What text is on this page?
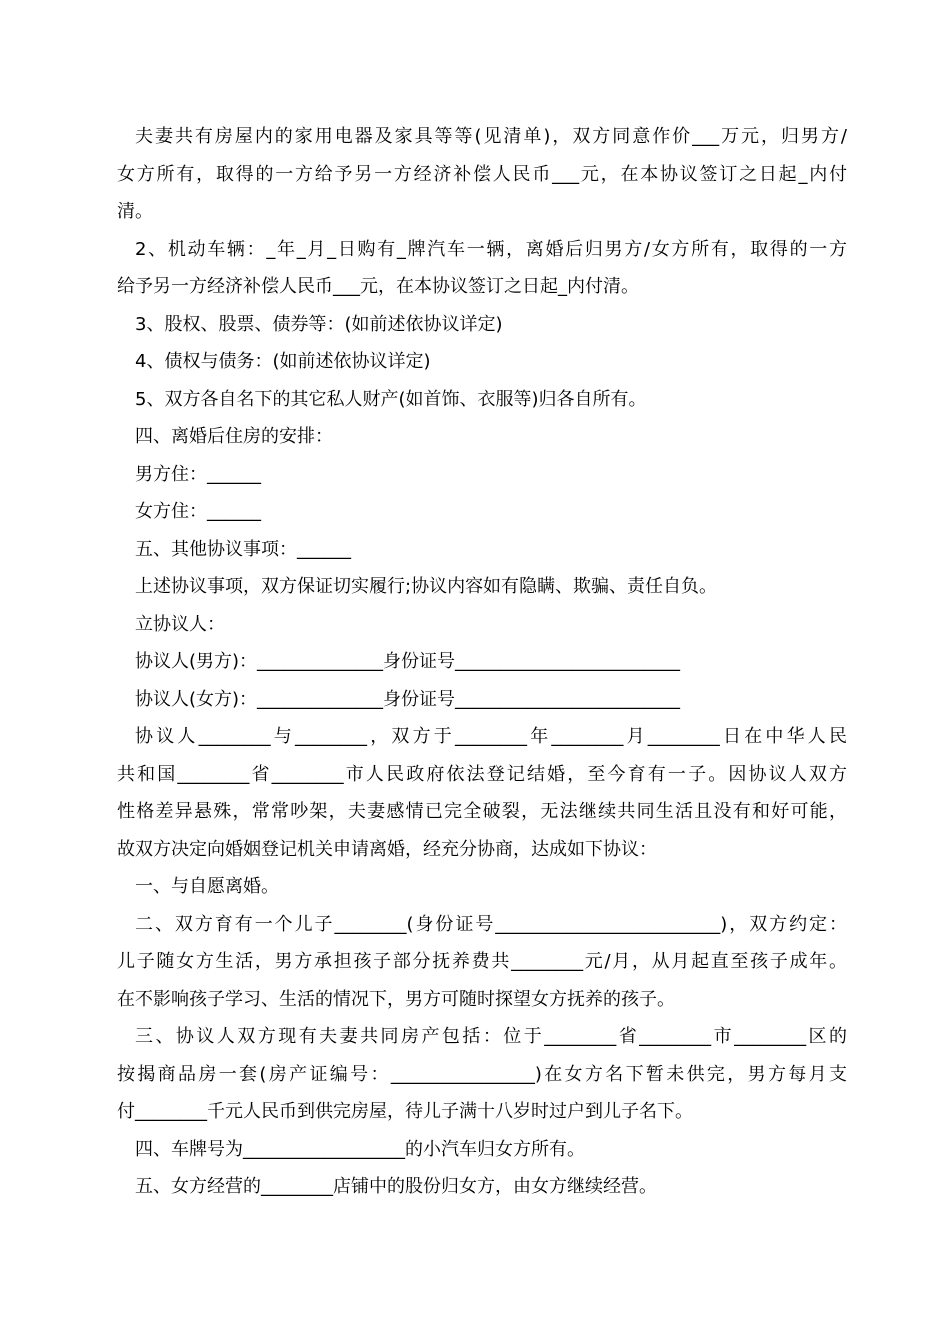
夫妻共有房屋内的家用电器及家具等等(见清单)，双方同意作价___万元，归男方/
女方所有，取得的一方给予另一方经济补偿人民币___元，在本协议签订之日起_内付
清。
2、机动车辆：_年_月_日购有_牌汽车一辆，离婚后归男方/女方所有，取得的一方
给予另一方经济补偿人民币___元，在本协议签订之日起_内付清。
3、股权、股票、债券等：(如前述依协议详定)
4、债权与债务：(如前述依协议详定)
5、双方各自名下的其它私人财产(如首饰、衣服等)归各自所有。
四、离婚后住房的安排：
男方住：______
女方住：______
五、其他协议事项：______
上述协议事项，双方保证切实履行;协议内容如有隐瞒、欺骗、责任自负。
立协议人：
协议人(男方)：______________身份证号_________________________
协议人(女方)：______________身份证号_________________________
协议人________与________，双方于________年________月________日在中华人民
共和国________省________市人民政府依法登记结婚，至今育有一子。因协议人双方
性格差异悬殊，常常吵架，夫妻感情已完全破裂，无法继续共同生活且没有和好可能，
故双方决定向婚姻登记机关申请离婚，经充分协商，达成如下协议：
一、与自愿离婚。
二、双方育有一个儿子________(身份证号_________________________)，双方约定：
儿子随女方生活，男方承担孩子部分抚养费共________元/月，从月起直至孩子成年。
在不影响孩子学习、生活的情况下，男方可随时探望女方抚养的孩子。
三、协议人双方现有夫妻共同房产包括：位于________省________市________区的
按揭商品房一套(房产证编号：________________)在女方名下暂未供完，男方每月支
付________千元人民币到供完房屋，待儿子满十八岁时过户到儿子名下。
四、车牌号为__________________的小汽车归女方所有。
五、女方经营的________店铺中的股份归女方，由女方继续经营。
